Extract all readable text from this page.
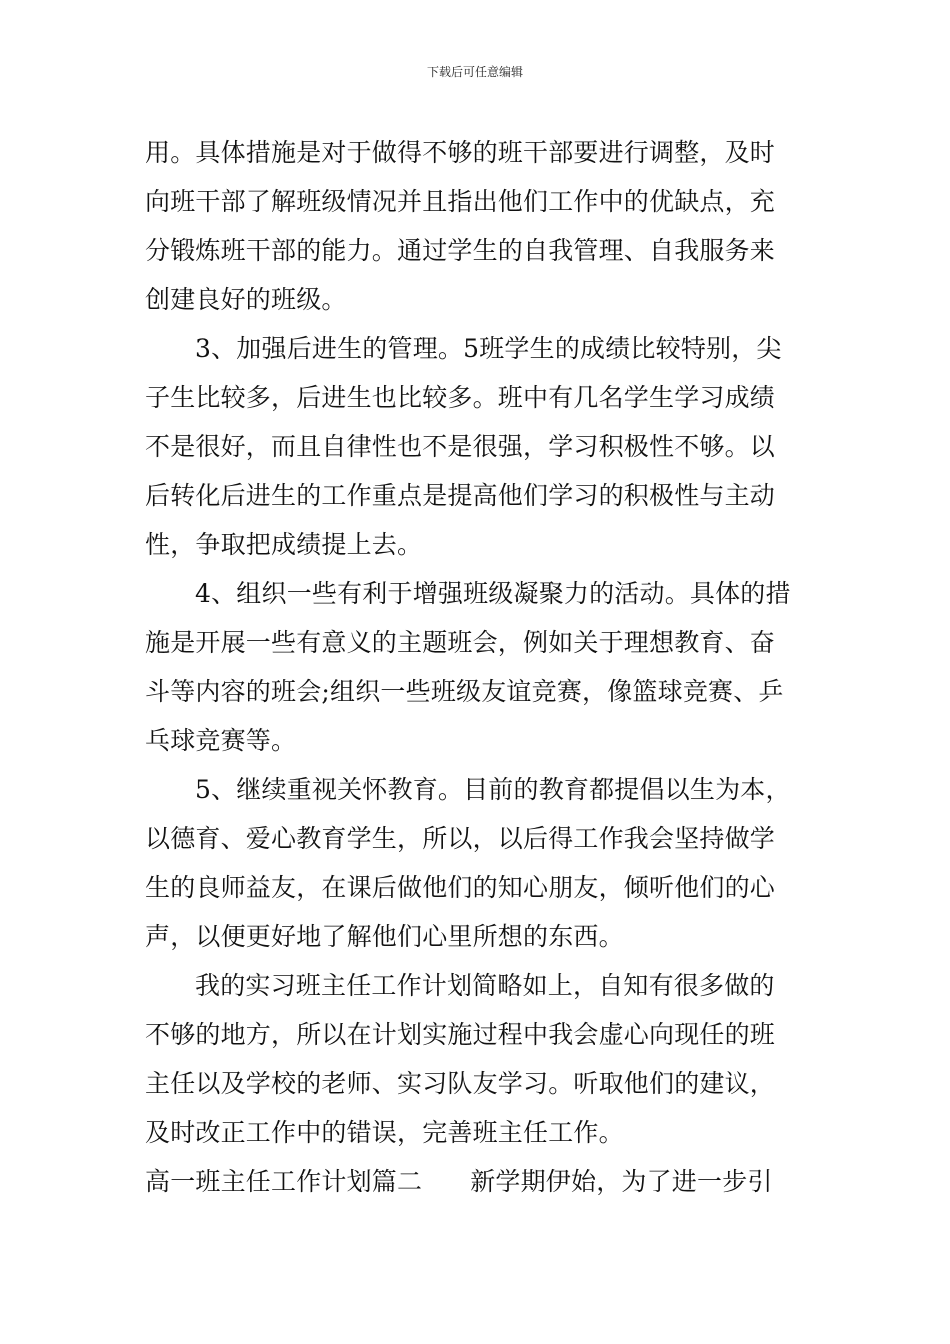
下载后可任意编辑
用。具体措施是对于做得不够的班干部要进行调整，及时
向班干部了解班级情况并且指出他们工作中的优缺点，充
分锻炼班干部的能力。通过学生的自我管理、自我服务来
创建良好的班级。
3、加强后进生的管理。5班学生的成绩比较特别，尖
子生比较多，后进生也比较多。班中有几名学生学习成绩
不是很好，而且自律性也不是很强，学习积极性不够。以
后转化后进生的工作重点是提高他们学习的积极性与主动
性，争取把成绩提上去。
4、组织一些有利于增强班级凝聚力的活动。具体的措
施是开展一些有意义的主题班会，例如关于理想教育、奋
斗等内容的班会;组织一些班级友谊竞赛，像篮球竞赛、乒
乓球竞赛等。
5、继续重视关怀教育。目前的教育都提倡以生为本，
以德育、爱心教育学生，所以，以后得工作我会坚持做学
生的良师益友，在课后做他们的知心朋友，倾听他们的心
声，以便更好地了解他们心里所想的东西。
我的实习班主任工作计划简略如上，自知有很多做的
不够的地方，所以在计划实施过程中我会虚心向现任的班
主任以及学校的老师、实习队友学习。听取他们的建议，
及时改正工作中的错误，完善班主任工作。
高一班主任工作计划篇二 新学期伊始，为了进一步引
